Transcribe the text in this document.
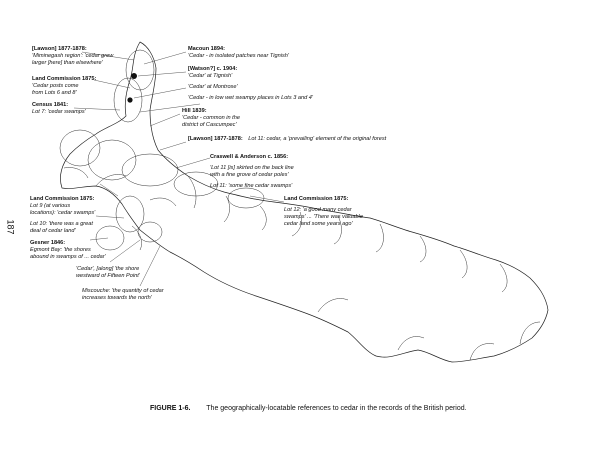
187
[Lawson] 1877-1878:
'Miminegash region': 'cedar grew
larger [here] than elsewhere'
Land Commission 1875:
'Cedar posts come
from Lots 6 and 8'
Census 1841:
Lot 7: 'cedar swamps'
Macoun 1894:
'Cedar - in isolated patches near Tignish'
[Watson?] c. 1904:
'Cedar' at Tignish'
'Cedar' at Montrose'
'Cedar - in low wet swampy places in Lots 3 and 4'
Hill 1839:
'Cedar - common in the
district of Cascumpec'
[Lawson] 1877-1878: Lot 11: cedar, a 'prevailing' element of the original forest
Craswell & Anderson c. 1856:
'Lot 11 [is] skirted on the back line
with a fine grove of cedar poles'
Lot 11: 'some fine cedar swamps'
Land Commission 1875:
Lot 9 (at various
locations): 'cedar swamps'
Lot 10: 'there was a great
deal of cedar land'
Gesner 1846:
Egmont Bay: 'the shores
abound in swamps of ... cedar'
'Cedar', [along] 'the shore
westward of Fifteen Point'
Miscouche: 'the quantity of cedar
increases towards the north'
Land Commission 1875:
Lot 12: 'a good many cedar
swamps' ... 'There was valuable
cedar land some years ago'
FIGURE 1-6. The geographically-locatable references to cedar in the records of the British period.
